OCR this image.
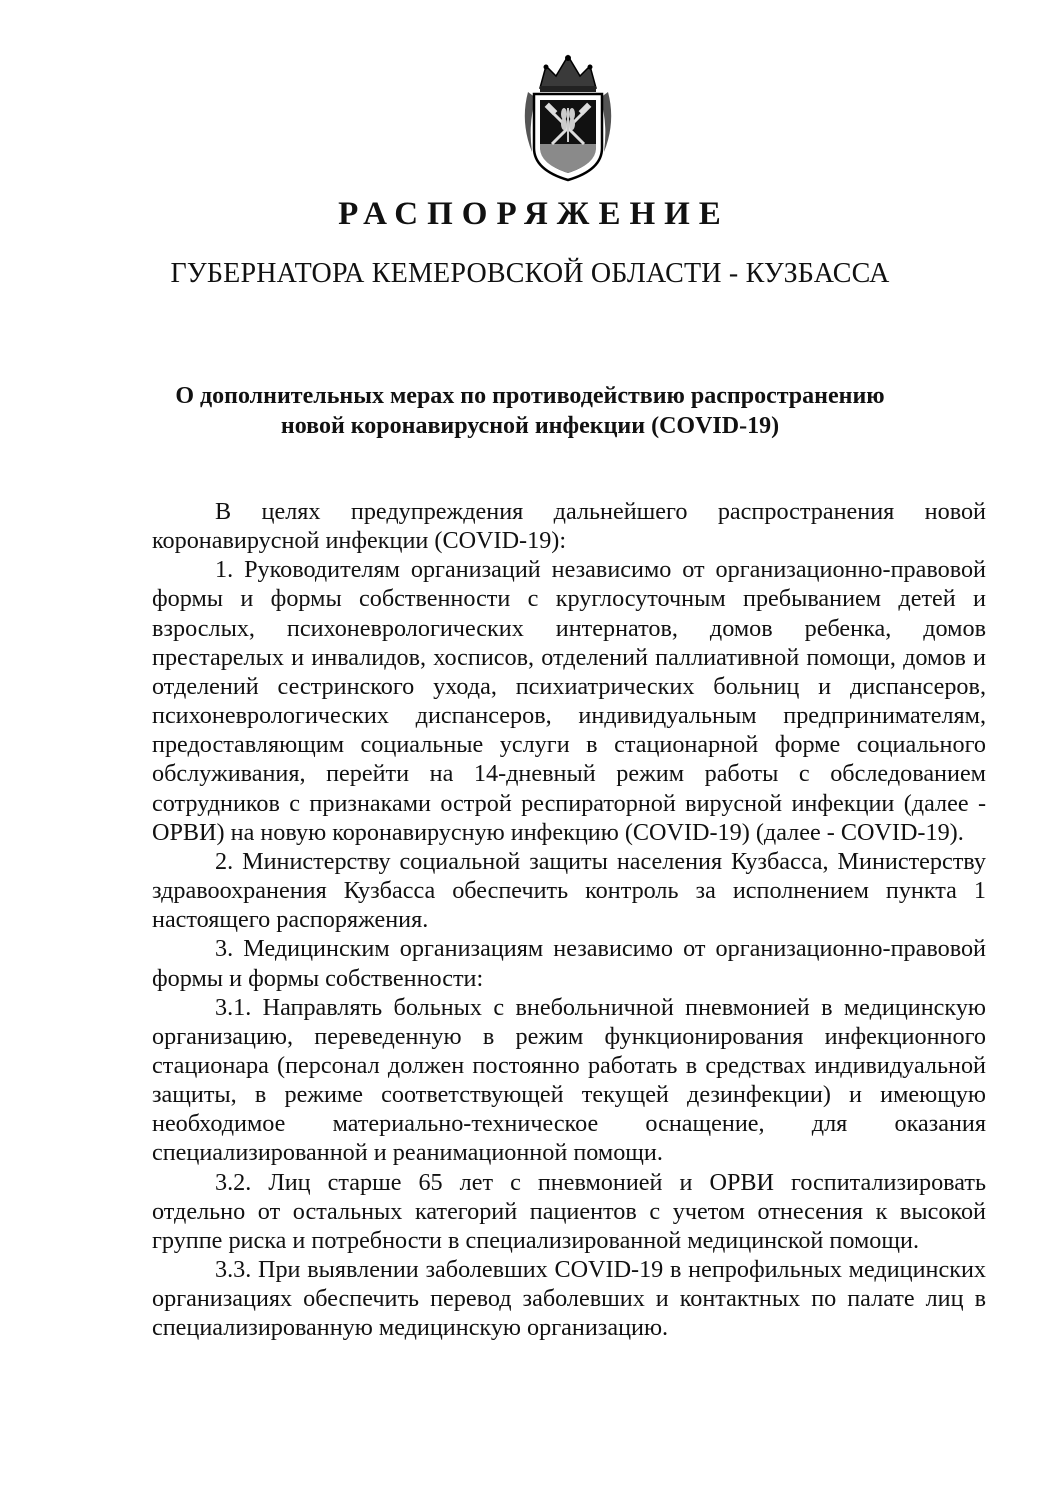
РАСПОРЯЖЕНИЕ
ГУБЕРНАТОРА КЕМЕРОВСКОЙ ОБЛАСТИ - КУЗБАССА
О дополнительных мерах по противодействию распространению
новой коронавирусной инфекции (COVID-19)

В целях предупреждения дальнейшего распространения новой коронавирусной инфекции (COVID-19):

1. Руководителям организаций независимо от организационно-правовой формы и формы собственности с круглосуточным пребыванием детей и взрослых, психоневрологических интернатов, домов ребенка, домов престарелых и инвалидов, хосписов, отделений паллиативной помощи, домов и отделений сестринского ухода, психиатрических больниц и диспансеров, психоневрологических диспансеров, индивидуальным предпринимателям, предоставляющим социальные услуги в стационарной форме социального обслуживания, перейти на 14-дневный режим работы с обследованием сотрудников с признаками острой респираторной вирусной инфекции (далее - ОРВИ) на новую коронавирусную инфекцию (COVID-19) (далее - COVID-19).

2. Министерству социальной защиты населения Кузбасса, Министерству здравоохранения Кузбасса обеспечить контроль за исполнением пункта 1 настоящего распоряжения.

3. Медицинским организациям независимо от организационно-правовой формы и формы собственности:

3.1. Направлять больных с внебольничной пневмонией в медицинскую организацию, переведенную в режим функционирования инфекционного стационара (персонал должен постоянно работать в средствах индивидуальной защиты, в режиме соответствующей текущей дезинфекции) и имеющую необходимое материально-техническое оснащение, для оказания специализированной и реанимационной помощи.

3.2. Лиц старше 65 лет с пневмонией и ОРВИ госпитализировать отдельно от остальных категорий пациентов с учетом отнесения к высокой группе риска и потребности в специализированной медицинской помощи.

3.3. При выявлении заболевших COVID-19 в непрофильных медицинских организациях обеспечить перевод заболевших и контактных по палате лиц в специализированную медицинскую организацию.
